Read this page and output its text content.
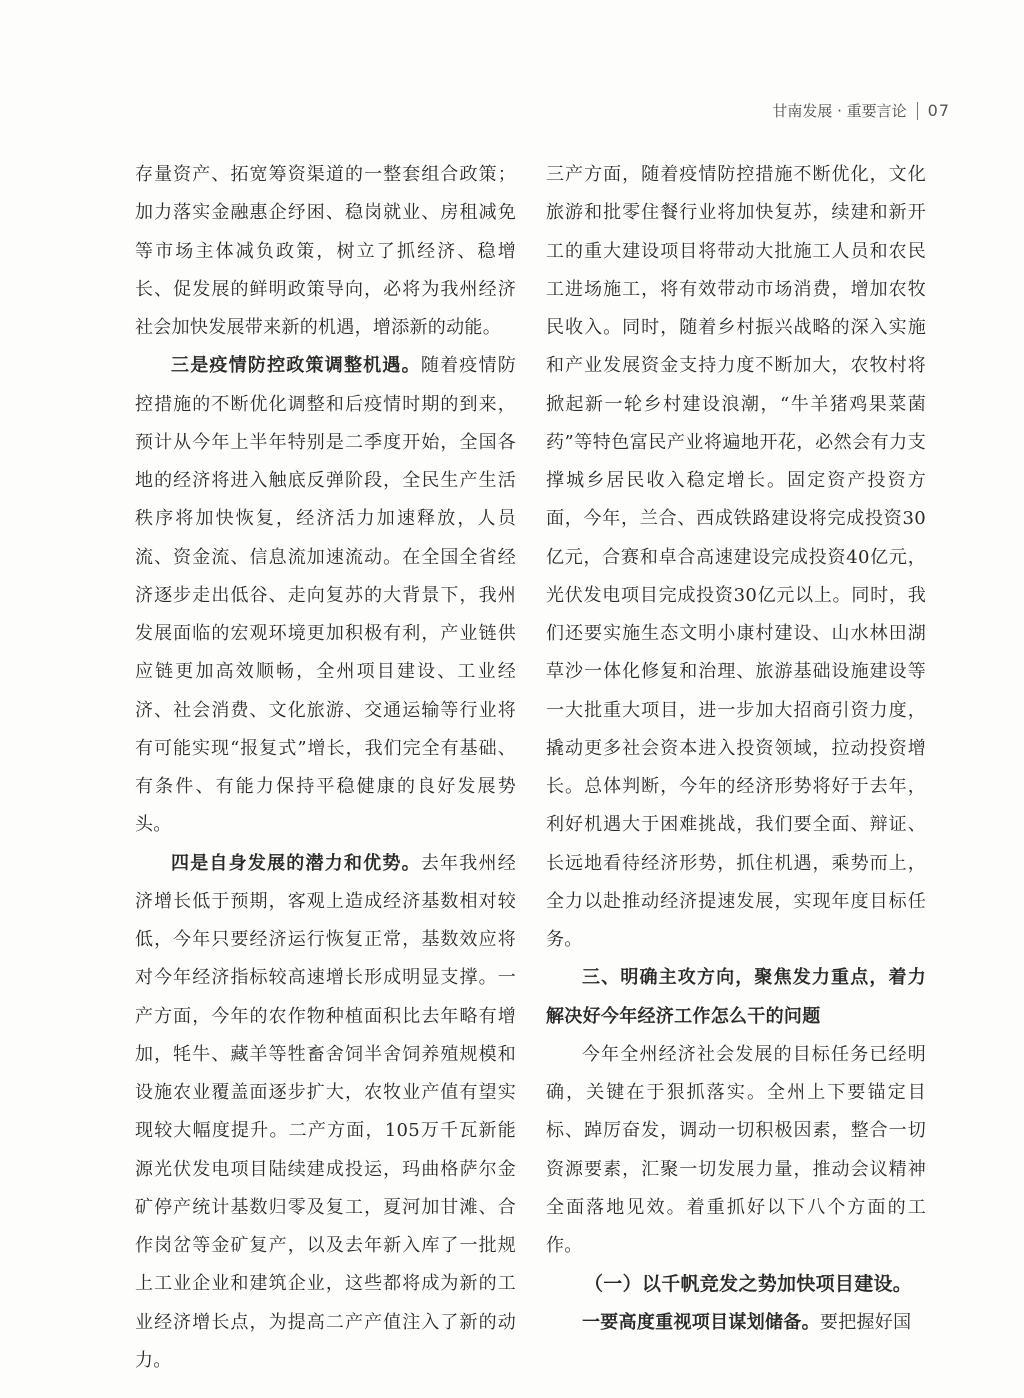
甘南发展 · 重要言论 07

存量资产、拓宽筹资渠道的一整套组合政策；加力落实金融惠企纾困、稳岗就业、房租减免等市场主体减负政策，树立了抓经济、稳增长、促发展的鲜明政策导向，必将为我州经济社会加快发展带来新的机遇，增添新的动能。

三是疫情防控政策调整机遇。随着疫情防控措施的不断优化调整和后疫情时期的到来，预计从今年上半年特别是二季度开始，全国各地的经济将进入触底反弹阶段，全民生产生活秩序将加快恢复，经济活力加速释放，人员流、资金流、信息流加速流动。在全国全省经济逐步走出低谷、走向复苏的大背景下，我州发展面临的宏观环境更加积极有利，产业链供应链更加高效顺畅，全州项目建设、工业经济、社会消费、文化旅游、交通运输等行业将有可能实现“报复式”增长，我们完全有基础、有条件、有能力保持平稳健康的良好发展势头。

四是自身发展的潜力和优势。去年我州经济增长低于预期，客观上造成经济基数相对较低，今年只要经济运行恢复正常，基数效应将对今年经济指标较高速增长形成明显支撑。一产方面，今年的农作物种植面积比去年略有增加，牦牛、藏羊等牲畜舍饲半舍饲养殖规模和设施农业覆盖面逐步扩大，农牧业产值有望实现较大幅度提升。二产方面，105万千瓦新能源光伏发电项目陆续建成投运，玛曲格萨尔金矿停产统计基数归零及复工，夏河加甘滩、合作岗岔等金矿复产，以及去年新入库了一批规上工业企业和建筑企业，这些都将成为新的工业经济增长点，为提高二产产值注入了新的动力。

三产方面，随着疫情防控措施不断优化，文化旅游和批零住餐行业将加快复苏，续建和新开工的重大建设项目将带动大批施工人员和农民工进场施工，将有效带动市场消费，增加农牧民收入。同时，随着乡村振兴战略的深入实施和产业发展资金支持力度不断加大，农牧村将掀起新一轮乡村建设浪潮，“牛羊猪鸡果菜菌药”等特色富民产业将遍地开花，必然会有力支撑城乡居民收入稳定增长。固定资产投资方面，今年，兰合、西成铁路建设将完成投资30亿元，合赛和卓合高速建设完成投资40亿元，光伏发电项目完成投资30亿元以上。同时，我们还要实施生态文明小康村建设、山水林田湖草沙一体化修复和治理、旅游基础设施建设等一大批重大项目，进一步加大招商引资力度，撬动更多社会资本进入投资领域，拉动投资增长。总体判断，今年的经济形势将好于去年，利好机遇大于困难挑战，我们要全面、辩证、长远地看待经济形势，抓住机遇，乘势而上，全力以赴推动经济提速发展，实现年度目标任务。

三、明确主攻方向，聚焦发力重点，着力解决好今年经济工作怎么干的问题

今年全州经济社会发展的目标任务已经明确，关键在于狠抓落实。全州上下要锚定目标、踔厉奋发，调动一切积极因素，整合一切资源要素，汇聚一切发展力量，推动会议精神全面落地见效。着重抓好以下八个方面的工作。

（一）以千帆竞发之势加快项目建设。

一要高度重视项目谋划储备。要把握好国
